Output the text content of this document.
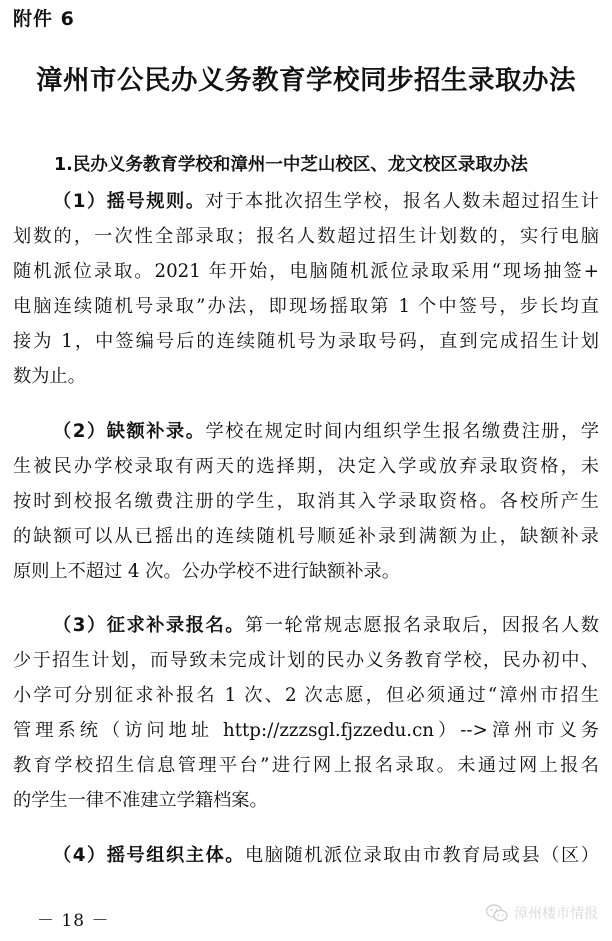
附件 6
漳州市公民办义务教育学校同步招生录取办法
1.民办义务教育学校和漳州一中芝山校区、龙文校区录取办法
（1）摇号规则。对于本批次招生学校，报名人数未超过招生计
划数的，一次性全部录取；报名人数超过招生计划数的，实行电脑
随机派位录取。2021 年开始，电脑随机派位录取采用“现场抽签+
电脑连续随机号录取”办法，即现场摇取第 1 个中签号，步长均直
接为 1，中签编号后的连续随机号为录取号码，直到完成招生计划
数为止。
（2）缺额补录。学校在规定时间内组织学生报名缴费注册，学
生被民办学校录取有两天的选择期，决定入学或放弃录取资格，未
按时到校报名缴费注册的学生，取消其入学录取资格。各校所产生
的缺额可以从已摇出的连续随机号顺延补录到满额为止，缺额补录
原则上不超过 4 次。公办学校不进行缺额补录。
（3）征求补录报名。第一轮常规志愿报名录取后，因报名人数
少于招生计划，而导致未完成计划的民办义务教育学校，民办初中、
小学可分别征求补报名 1 次、2 次志愿，但必须通过“漳州市招生
管理系统（访问地址 http://zzzsgl.fjzzedu.cn）-->漳州市义务
教育学校招生信息管理平台”进行网上报名录取。未通过网上报名
的学生一律不准建立学籍档案。
（4）摇号组织主体。电脑随机派位录取由市教育局或县（区）
－ 18 －	漳州楼市情报
